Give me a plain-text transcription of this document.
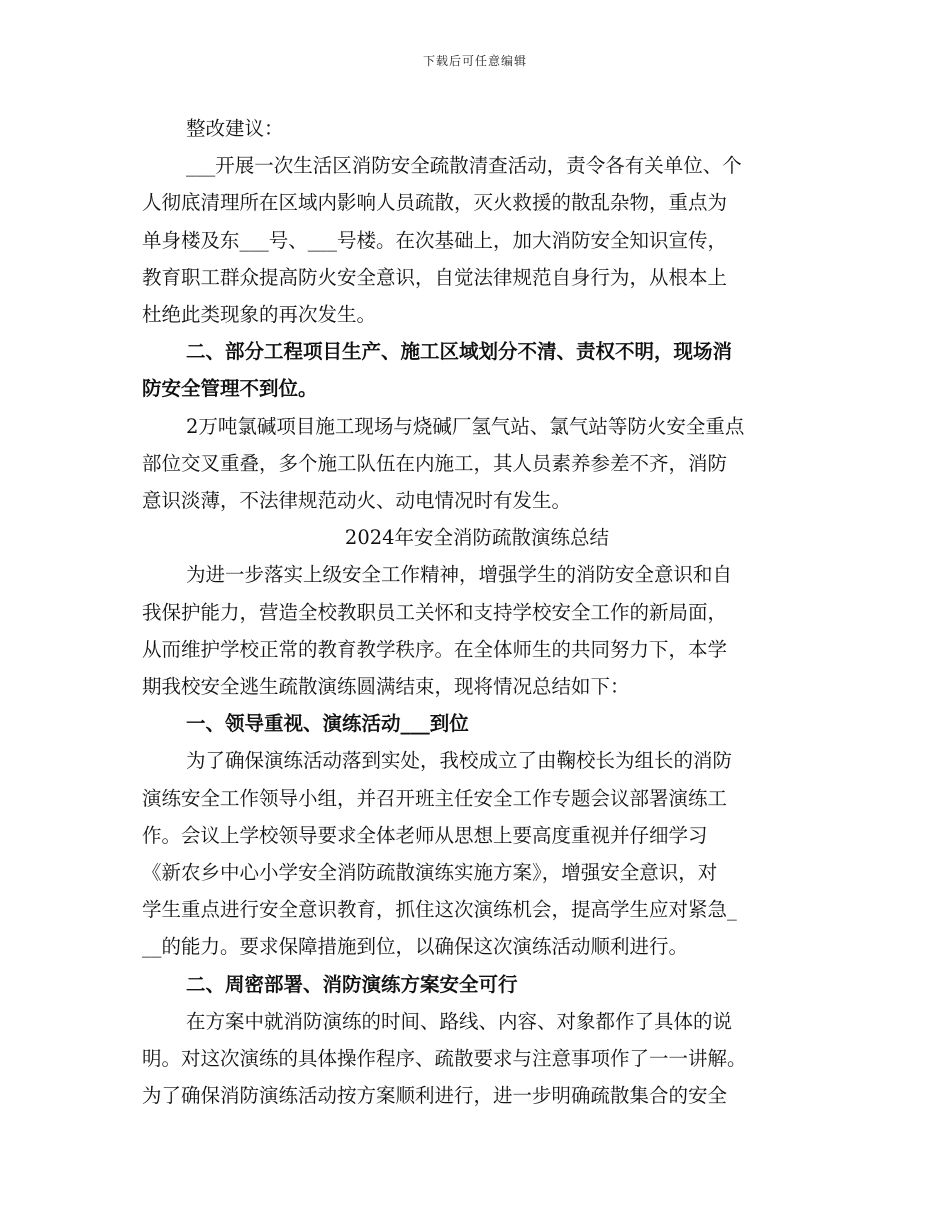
下载后可任意编辑
整改建议：
___开展一次生活区消防安全疏散清查活动，责令各有关单位、个
人彻底清理所在区域内影响人员疏散，灭火救援的散乱杂物，重点为
单身楼及东___号、___号楼。在次基础上，加大消防安全知识宣传，
教育职工群众提高防火安全意识，自觉法律规范自身行为，从根本上
杜绝此类现象的再次发生。
二、部分工程项目生产、施工区域划分不清、责权不明，现场消
防安全管理不到位。
2万吨氯碱项目施工现场与烧碱厂氢气站、氯气站等防火安全重点
部位交叉重叠，多个施工队伍在内施工，其人员素养参差不齐，消防
意识淡薄，不法律规范动火、动电情况时有发生。
2024年安全消防疏散演练总结
为进一步落实上级安全工作精神，增强学生的消防安全意识和自
我保护能力，营造全校教职员工关怀和支持学校安全工作的新局面，
从而维护学校正常的教育教学秩序。在全体师生的共同努力下，本学
期我校安全逃生疏散演练圆满结束，现将情况总结如下：
一、领导重视、演练活动___到位
为了确保演练活动落到实处，我校成立了由鞠校长为组长的消防
演练安全工作领导小组，并召开班主任安全工作专题会议部署演练工
作。会议上学校领导要求全体老师从思想上要高度重视并仔细学习
《新农乡中心小学安全消防疏散演练实施方案》，增强安全意识，对
学生重点进行安全意识教育，抓住这次演练机会，提高学生应对紧急_
__的能力。要求保障措施到位，以确保这次演练活动顺利进行。
二、周密部署、消防演练方案安全可行
在方案中就消防演练的时间、路线、内容、对象都作了具体的说
明。对这次演练的具体操作程序、疏散要求与注意事项作了一一讲解。
为了确保消防演练活动按方案顺利进行，进一步明确疏散集合的安全
